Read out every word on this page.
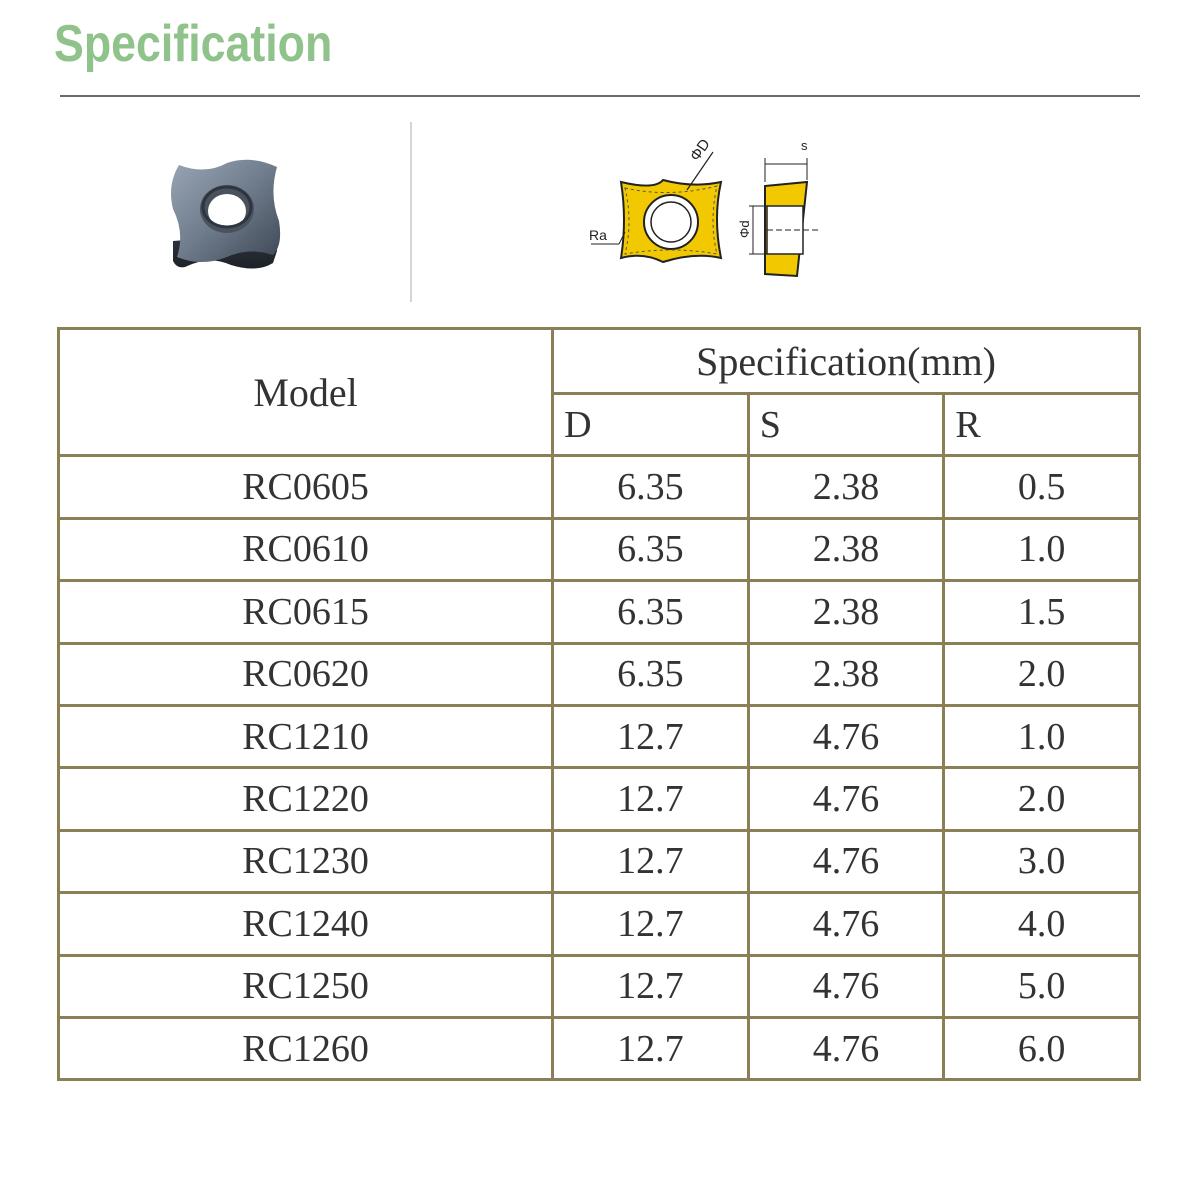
Specification
ΦD
Ra
s
Φd
Model	Specification(mm)		
	D	S	R
RC0605	6.35	2.38	0.5
RC0610	6.35	2.38	1.0
RC0615	6.35	2.38	1.5
RC0620	6.35	2.38	2.0
RC1210	12.7	4.76	1.0
RC1220	12.7	4.76	2.0
RC1230	12.7	4.76	3.0
RC1240	12.7	4.76	4.0
RC1250	12.7	4.76	5.0
RC1260	12.7	4.76	6.0
